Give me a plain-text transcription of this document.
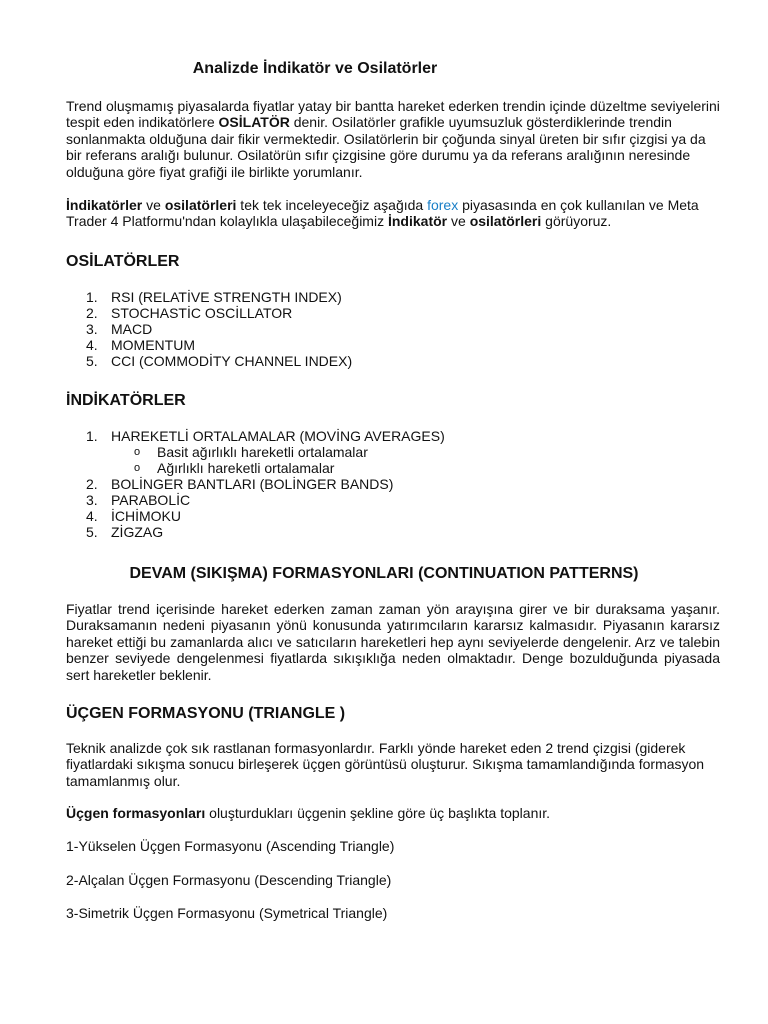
Analizde İndikatör ve Osilatörler

Trend oluşmamış piyasalarda fiyatlar yatay bir bantta hareket ederken trendin içinde düzeltme seviyelerini tespit eden indikatörlere OSİLATÖR denir. Osilatörler grafikle uyumsuzluk gösterdiklerinde trendin sonlanmakta olduğuna dair fikir vermektedir. Osilatörlerin bir çoğunda sinyal üreten bir sıfır çizgisi ya da bir referans aralığı bulunur. Osilatörün sıfır çizgisine göre durumu ya da referans aralığının neresinde olduğuna göre fiyat grafiği ile birlikte yorumlanır.

İndikatörler ve osilatörleri tek tek inceleyeceğiz aşağıda forex piyasasında en çok kullanılan ve Meta Trader 4 Platformu'ndan kolaylıkla ulaşabileceğimiz İndikatör ve osilatörleri görüyoruz.

OSİLATÖRLER
1. RSI (RELATİVE STRENGTH INDEX)
2. STOCHASTİC OSCİLLATOR
3. MACD
4. MOMENTUM
5. CCI (COMMODİTY CHANNEL INDEX)
İNDİKATÖRLER
1. HAREKETLİ ORTALAMALAR (MOVİNG AVERAGES)
o Basit ağırlıklı hareketli ortalamalar
o Ağırlıklı hareketli ortalamalar
2. BOLİNGER BANTLARI (BOLİNGER BANDS)
3. PARABOLİC
4. İCHİMOKU
5. ZİGZAG
DEVAM (SIKIŞMA) FORMASYONLARI (CONTINUATION PATTERNS)

Fiyatlar trend içerisinde hareket ederken zaman zaman yön arayışına girer ve bir duraksama yaşanır. Duraksamanın nedeni piyasanın yönü konusunda yatırımcıların kararsız kalmasıdır. Piyasanın kararsız hareket ettiği bu zamanlarda alıcı ve satıcıların hareketleri hep aynı seviyelerde dengelenir. Arz ve talebin benzer seviyede dengelenmesi fiyatlarda sıkışıklığa neden olmaktadır. Denge bozulduğunda piyasada sert hareketler beklenir.

ÜÇGEN FORMASYONU (TRIANGLE )

Teknik analizde çok sık rastlanan formasyonlardır. Farklı yönde hareket eden 2 trend çizgisi (giderek fiyatlardaki sıkışma sonucu birleşerek üçgen görüntüsü oluşturur. Sıkışma tamamlandığında formasyon tamamlanmış olur.

Üçgen formasyonları oluşturdukları üçgenin şekline göre üç başlıkta toplanır.

1-Yükselen Üçgen Formasyonu (Ascending Triangle)

2-Alçalan Üçgen Formasyonu (Descending Triangle)

3-Simetrik Üçgen Formasyonu (Symetrical Triangle)
